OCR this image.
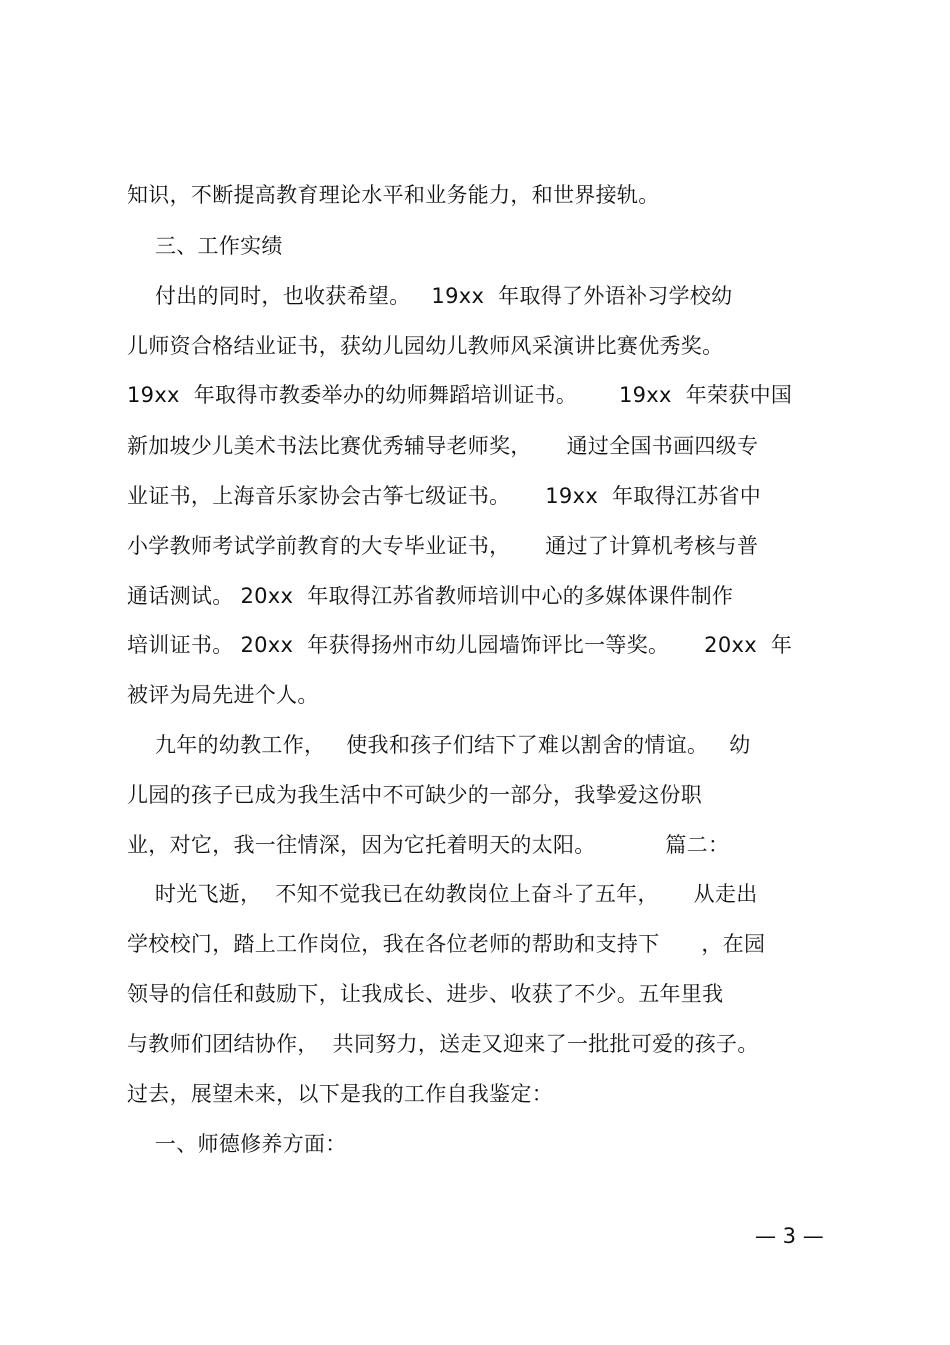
知识，不断提高教育理论水平和业务能力，和世界接轨。
三、工作实绩
付出的同时，也收获希望。   19xx  年取得了外语补习学校幼
儿师资合格结业证书，获幼儿园幼儿教师风采演讲比赛优秀奖。
19xx  年取得市教委举办的幼师舞蹈培训证书。      19xx  年荣获中国
新加坡少儿美术书法比赛优秀辅导老师奖，     通过全国书画四级专
业证书，上海音乐家协会古筝七级证书。     19xx  年取得江苏省中
小学教师考试学前教育的大专毕业证书，     通过了计算机考核与普
通话测试。 20xx  年取得江苏省教师培训中心的多媒体课件制作
培训证书。 20xx  年获得扬州市幼儿园墙饰评比一等奖。     20xx  年
被评为局先进个人。
九年的幼教工作，   使我和孩子们结下了难以割舍的情谊。   幼
儿园的孩子已成为我生活中不可缺少的一部分，我挚爱这份职
业，对它，我一往情深，因为它托着明天的太阳。          篇二：
时光飞逝，  不知不觉我已在幼教岗位上奋斗了五年，     从走出
学校校门，踏上工作岗位，我在各位老师的帮助和支持下      ，在园
领导的信任和鼓励下，让我成长、进步、收获了不少。五年里我
与教师们团结协作，  共同努力，送走又迎来了一批批可爱的孩子。
过去，展望未来，以下是我的工作自我鉴定：
一、师德修养方面：
— 3 —
